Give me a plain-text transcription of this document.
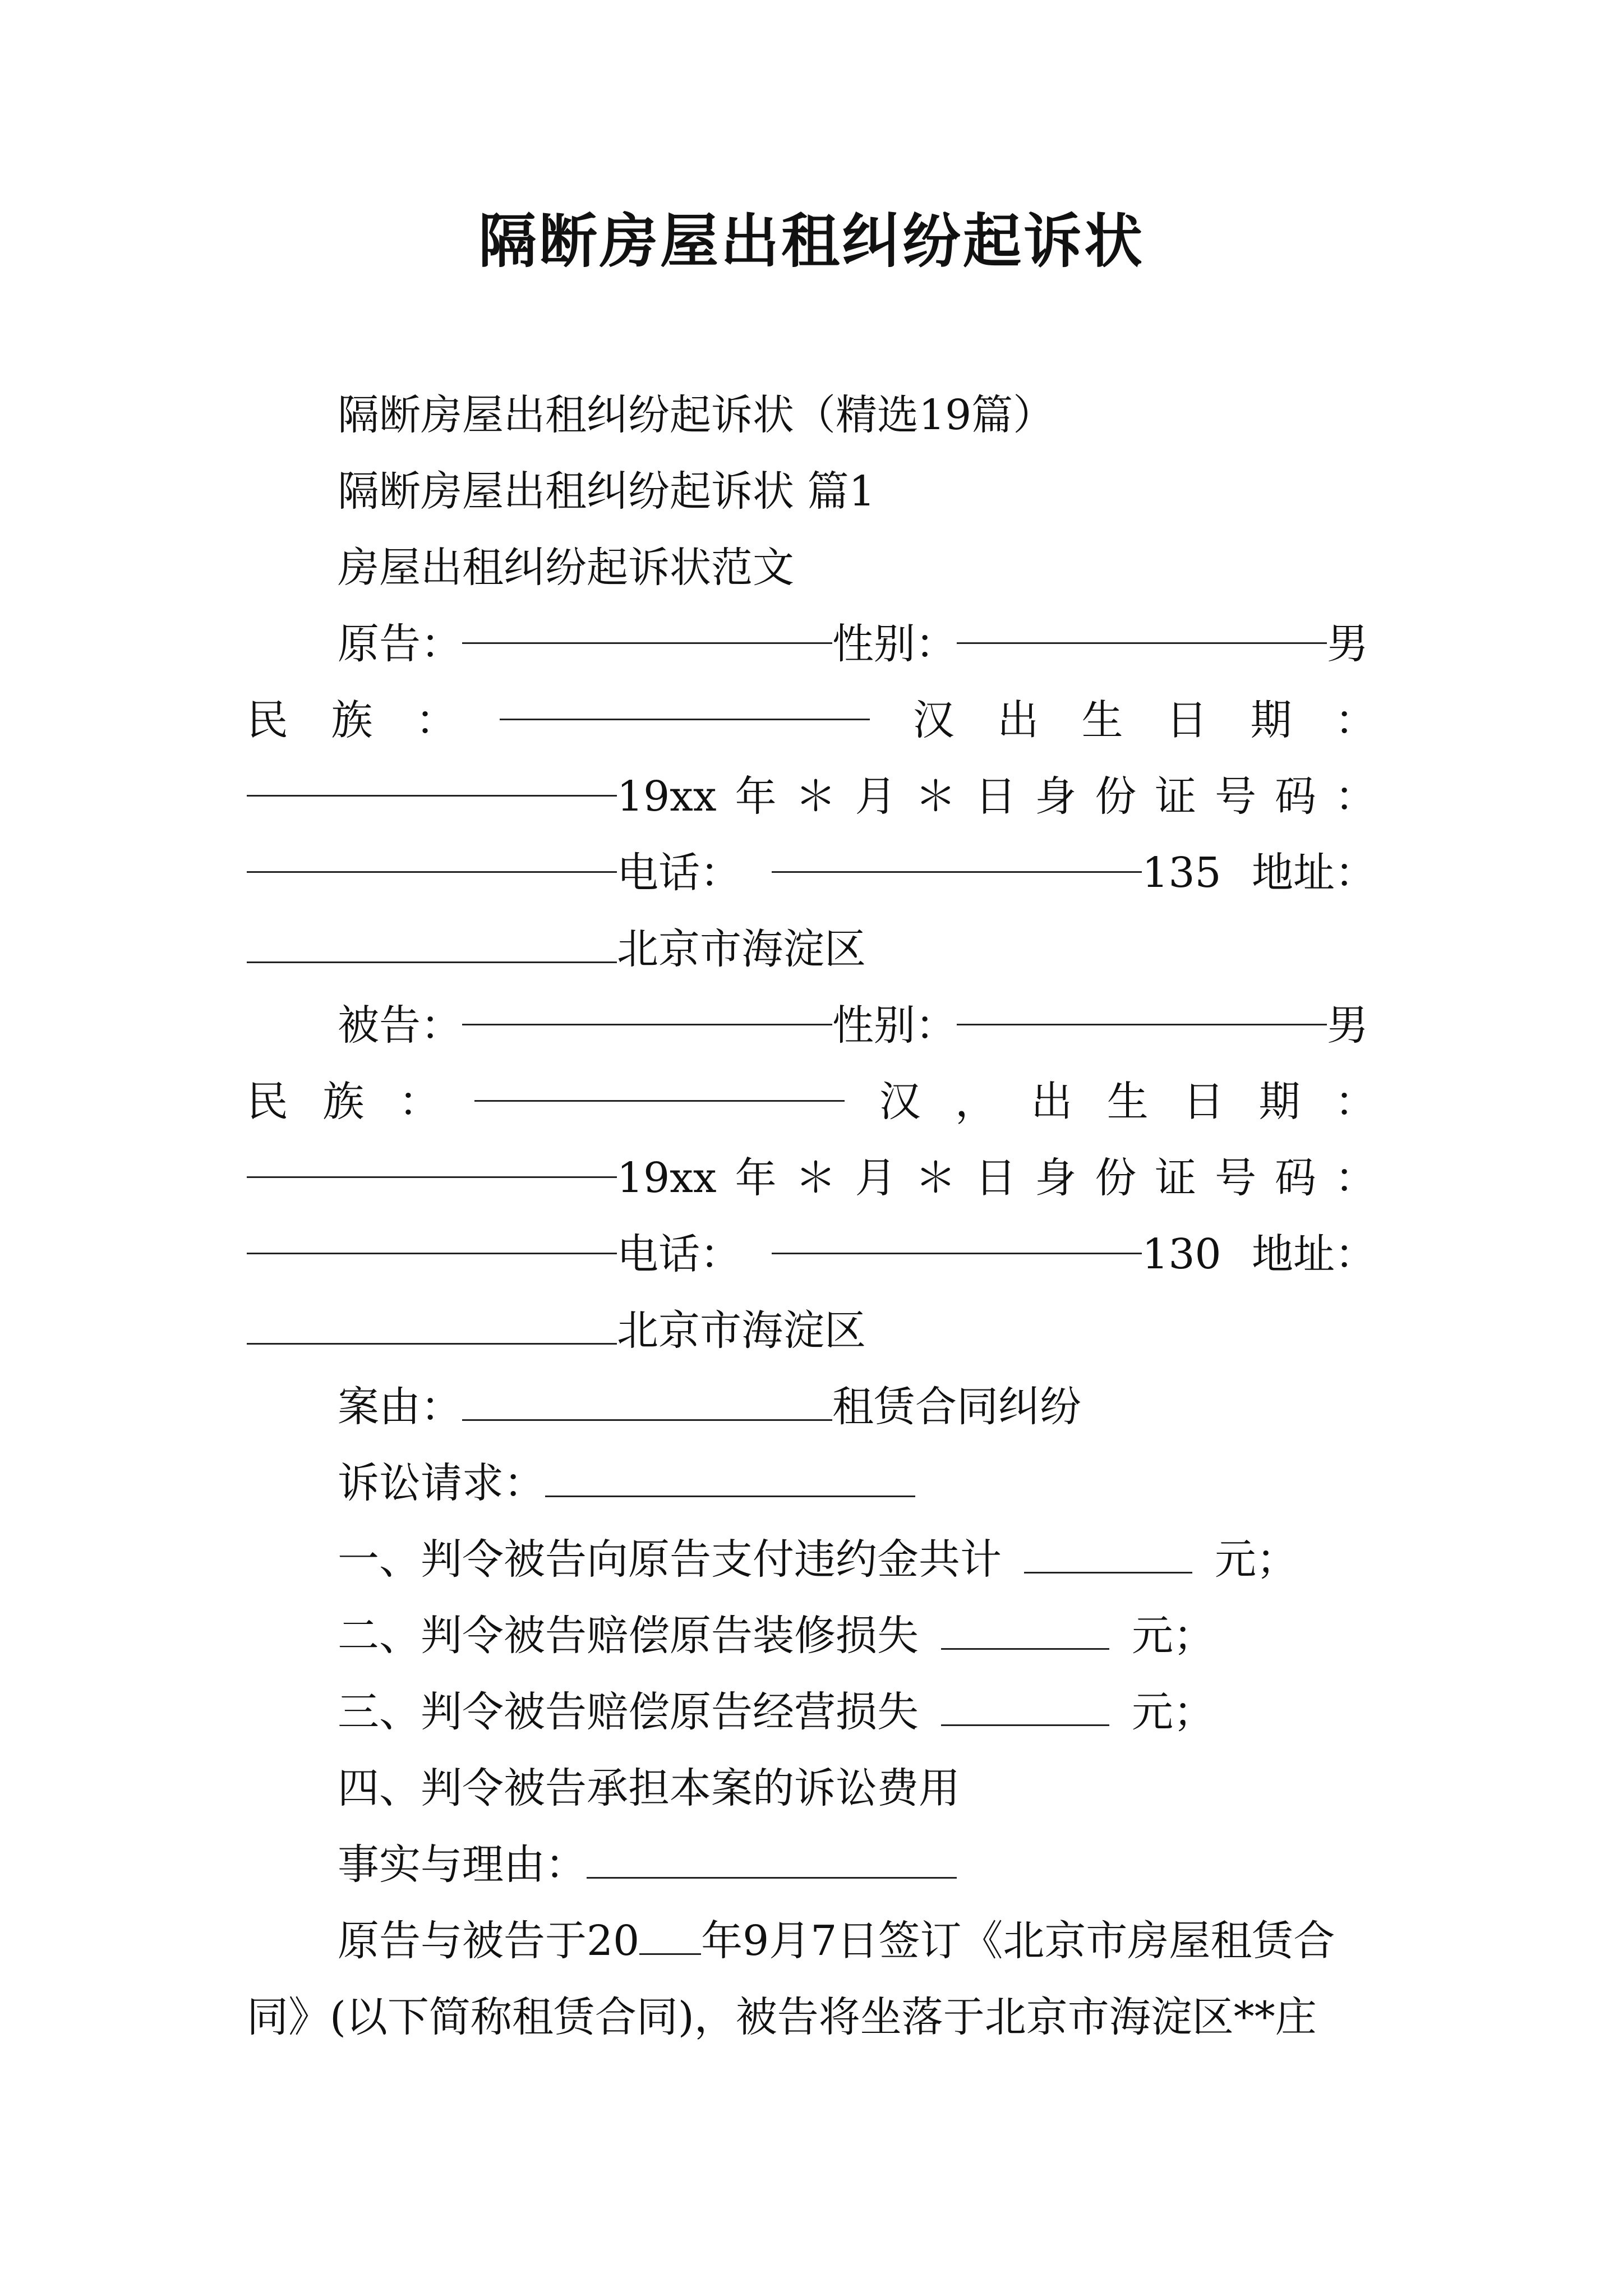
隔断房屋出租纠纷起诉状
隔断房屋出租纠纷起诉状（精选19篇）
隔断房屋出租纠纷起诉状 篇1
房屋出租纠纷起诉状范文
原告：	性别：	男
民 族 ：	汉 出 生 日 期 ：
19xx 年 ＊ 月 ＊ 日 身 份 证 号 码 ：
电话：	135 地址：
北京市海淀区
被告：	性别：	男
民 族 ：	汉 ， 出 生 日 期 ：
19xx 年 ＊ 月 ＊ 日 身 份 证 号 码 ：
电话：	130 地址：
北京市海淀区
案由：	租赁合同纠纷
诉讼请求：
一、判令被告向原告支付违约金共计	元；
二、判令被告赔偿原告装修损失	元；
三、判令被告赔偿原告经营损失	元；
四、判令被告承担本案的诉讼费用
事实与理由：
原告与被告于20 年9月7日签订《北京市房屋租赁合
同》(以下简称租赁合同)，被告将坐落于北京市海淀区**庄
